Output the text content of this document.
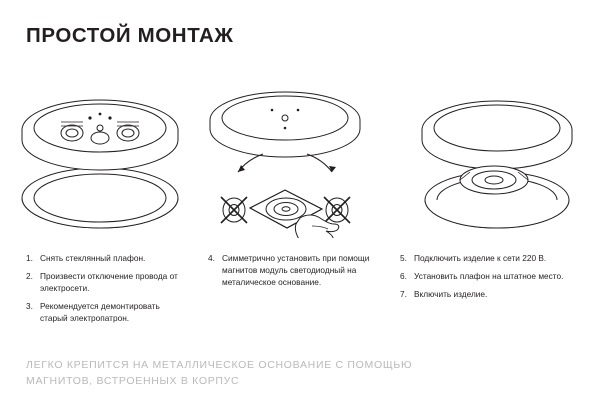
ПРОСТОЙ МОНТАЖ
1. Снять стеклянный плафон.
2. Произвести отключение проводa от электросети.
3. Рекомендуется демонтировать старый электропатрон.
4. Симметрично установить при помощи магнитов модуль светодиодный на металическое основание.
5. Подключить изделие к сети 220 В.
6. Установить плафон на штатное место.
7. Включить изделие.
ЛЕГКО КРЕПИТСЯ НА МЕТАЛЛИЧЕСКОЕ ОСНОВАНИЕ С ПОМОЩЬЮ МАГНИТОВ, ВСТРОЕННЫХ В КОРПУС
